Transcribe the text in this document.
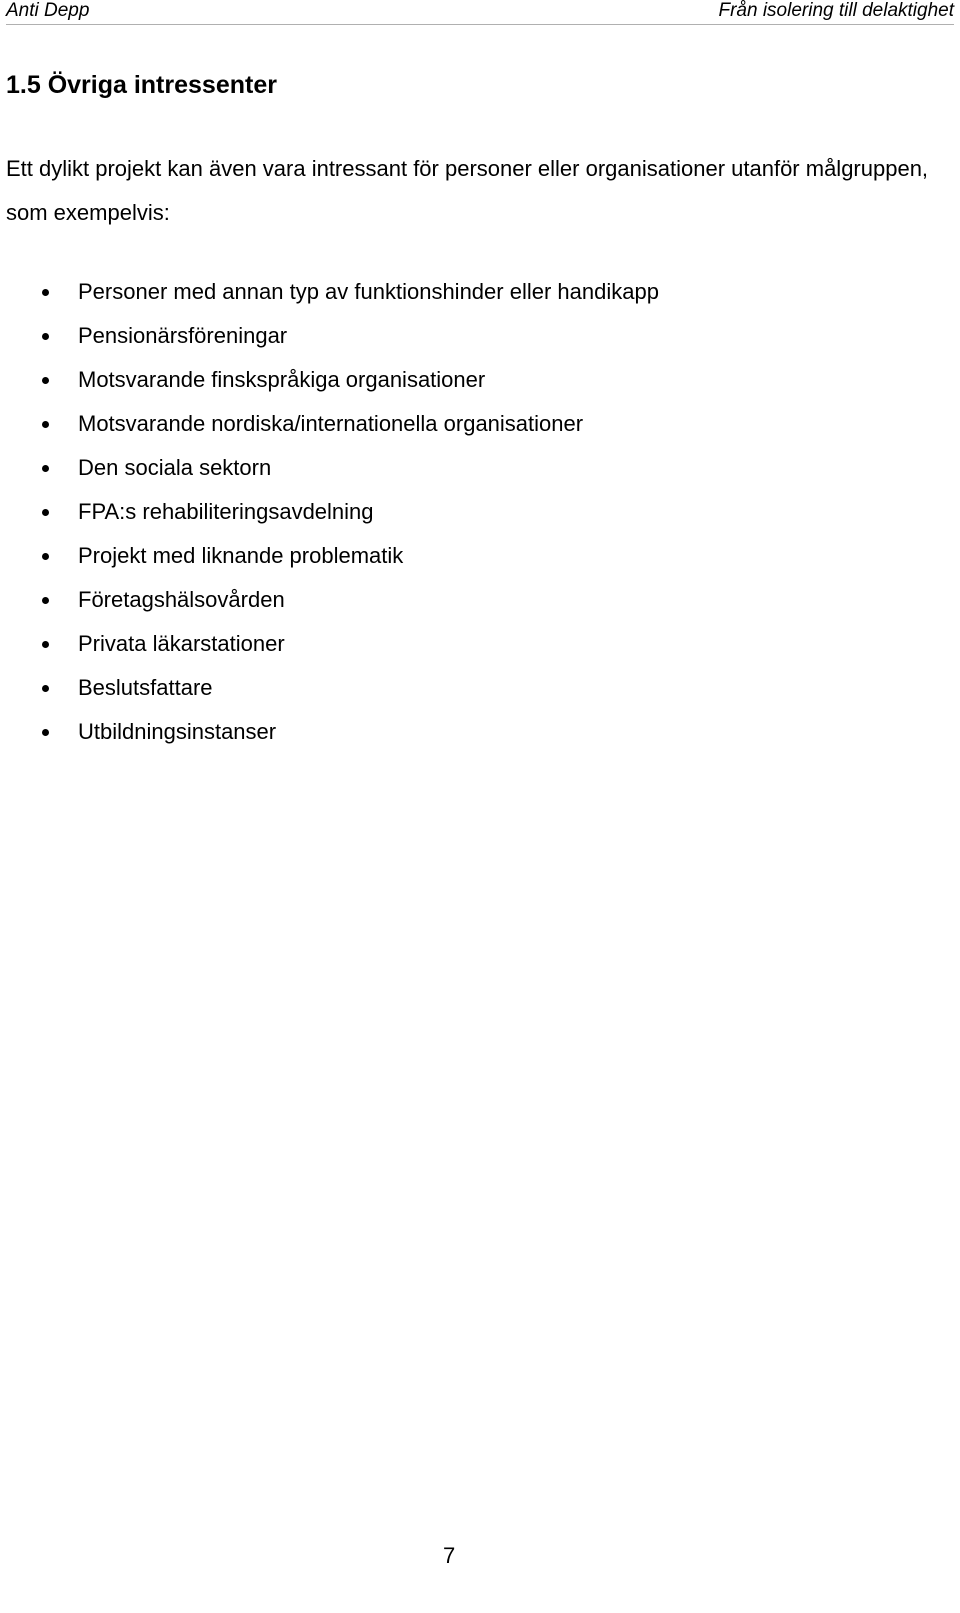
Anti Depp	Från isolering till delaktighet
1.5 Övriga intressenter

Ett dylikt projekt kan även vara intressant för personer eller organisationer utanför målgruppen, som exempelvis:

Personer med annan typ av funktionshinder eller handikapp
Pensionärsföreningar
Motsvarande finskspråkiga organisationer
Motsvarande nordiska/internationella organisationer
Den sociala sektorn
FPA:s rehabiliteringsavdelning
Projekt med liknande problematik
Företagshälsovården
Privata läkarstationer
Beslutsfattare
Utbildningsinstanser
7
